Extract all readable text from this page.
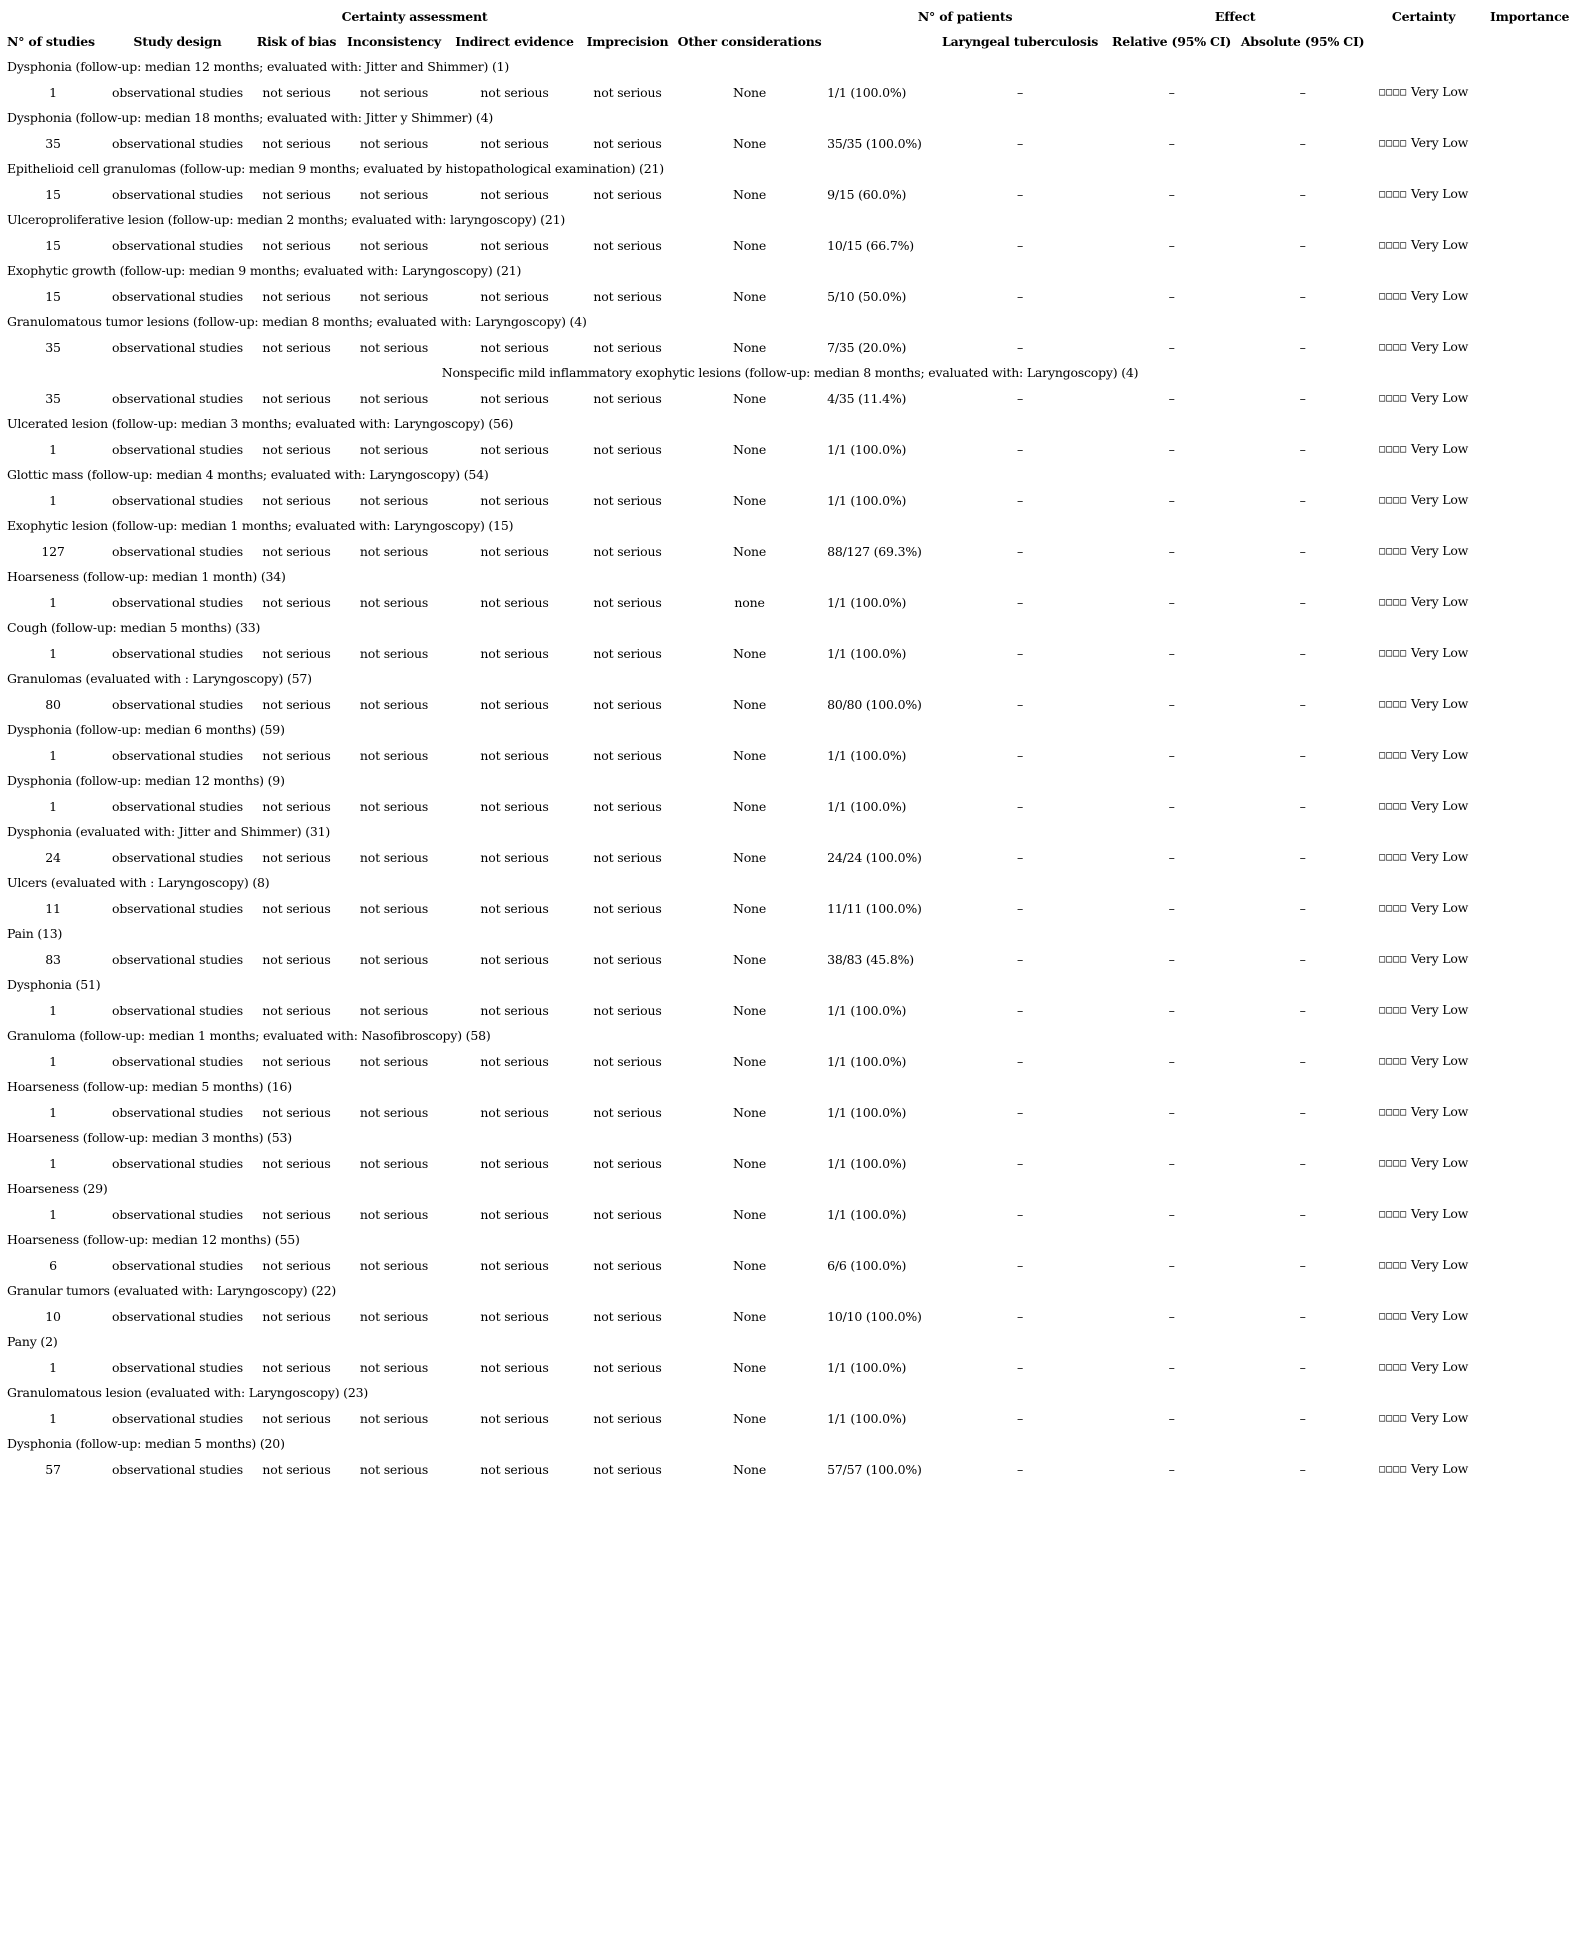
Certainty assessment							N° of patients		Effect		Certainty	Importance
N° of studies	Study design	Risk of bias	Inconsistency	Indirect evidence	Imprecision	Other considerations		Laryngeal tuberculosis	Relative (95% CI)	Absolute (95% CI)		
Dysphonia (follow-up: median 12 months; evaluated with: Jitter and Shimmer) (1)												
1	observational studies	not serious	not serious	not serious	not serious	None	1/1 (100.0%)	–	–	–	□□□□ Very Low	
Dysphonia (follow-up: median 18 months; evaluated with: Jitter y Shimmer) (4)												
35	observational studies	not serious	not serious	not serious	not serious	None	35/35 (100.0%)	–	–	–	□□□□ Very Low	
Epithelioid cell granulomas (follow-up: median 9 months; evaluated by histopathological examination) (21)												
15	observational studies	not serious	not serious	not serious	not serious	None	9/15 (60.0%)	–	–	–	□□□□ Very Low	
Ulceroproliferative lesion (follow-up: median 2 months; evaluated with: laryngoscopy) (21)												
15	observational studies	not serious	not serious	not serious	not serious	None	10/15 (66.7%)	–	–	–	□□□□ Very Low	
Exophytic growth (follow-up: median 9 months; evaluated with: Laryngoscopy) (21)												
15	observational studies	not serious	not serious	not serious	not serious	None	5/10 (50.0%)	–	–	–	□□□□ Very Low	
Granulomatous tumor lesions (follow-up: median 8 months; evaluated with: Laryngoscopy) (4)												
35	observational studies	not serious	not serious	not serious	not serious	None	7/35 (20.0%)	–	–	–	□□□□ Very Low	
Nonspecific mild inflammatory exophytic lesions (follow-up: median 8 months; evaluated with: Laryngoscopy) (4)												
35	observational studies	not serious	not serious	not serious	not serious	None	4/35 (11.4%)	–	–	–	□□□□ Very Low	
Ulcerated lesion (follow-up: median 3 months; evaluated with: Laryngoscopy) (56)												
1	observational studies	not serious	not serious	not serious	not serious	None	1/1 (100.0%)	–	–	–	□□□□ Very Low	
Glottic mass (follow-up: median 4 months; evaluated with: Laryngoscopy) (54)												
1	observational studies	not serious	not serious	not serious	not serious	None	1/1 (100.0%)	–	–	–	□□□□ Very Low	
Exophytic lesion (follow-up: median 1 months; evaluated with: Laryngoscopy) (15)												
127	observational studies	not serious	not serious	not serious	not serious	None	88/127 (69.3%)	–	–	–	□□□□ Very Low	
Hoarseness (follow-up: median 1 month) (34)												
1	observational studies	not serious	not serious	not serious	not serious	none	1/1 (100.0%)	–	–	–	□□□□ Very Low	
Cough (follow-up: median 5 months) (33)												
1	observational studies	not serious	not serious	not serious	not serious	None	1/1 (100.0%)	–	–	–	□□□□ Very Low	
Granulomas (evaluated with : Laryngoscopy) (57)												
80	observational studies	not serious	not serious	not serious	not serious	None	80/80 (100.0%)	–	–	–	□□□□ Very Low	
Dysphonia (follow-up: median 6 months) (59)												
1	observational studies	not serious	not serious	not serious	not serious	None	1/1 (100.0%)	–	–	–	□□□□ Very Low	
Dysphonia (follow-up: median 12 months) (9)												
1	observational studies	not serious	not serious	not serious	not serious	None	1/1 (100.0%)	–	–	–	□□□□ Very Low	
Dysphonia (evaluated with: Jitter and Shimmer) (31)												
24	observational studies	not serious	not serious	not serious	not serious	None	24/24 (100.0%)	–	–	–	□□□□ Very Low	
Ulcers (evaluated with : Laryngoscopy) (8)												
11	observational studies	not serious	not serious	not serious	not serious	None	11/11 (100.0%)	–	–	–	□□□□ Very Low	
Pain (13)												
83	observational studies	not serious	not serious	not serious	not serious	None	38/83 (45.8%)	–	–	–	□□□□ Very Low	
Dysphonia (51)												
1	observational studies	not serious	not serious	not serious	not serious	None	1/1 (100.0%)	–	–	–	□□□□ Very Low	
Granuloma (follow-up: median 1 months; evaluated with: Nasofibroscopy) (58)												
1	observational studies	not serious	not serious	not serious	not serious	None	1/1 (100.0%)	–	–	–	□□□□ Very Low	
Hoarseness (follow-up: median 5 months) (16)												
1	observational studies	not serious	not serious	not serious	not serious	None	1/1 (100.0%)	–	–	–	□□□□ Very Low	
Hoarseness (follow-up: median 3 months) (53)												
1	observational studies	not serious	not serious	not serious	not serious	None	1/1 (100.0%)	–	–	–	□□□□ Very Low	
Hoarseness (29)												
1	observational studies	not serious	not serious	not serious	not serious	None	1/1 (100.0%)	–	–	–	□□□□ Very Low	
Hoarseness (follow-up: median 12 months) (55)												
6	observational studies	not serious	not serious	not serious	not serious	None	6/6 (100.0%)	–	–	–	□□□□ Very Low	
Granular tumors (evaluated with: Laryngoscopy) (22)												
10	observational studies	not serious	not serious	not serious	not serious	None	10/10 (100.0%)	–	–	–	□□□□ Very Low	
Pany (2)												
1	observational studies	not serious	not serious	not serious	not serious	None	1/1 (100.0%)	–	–	–	□□□□ Very Low	
Granulomatous lesion (evaluated with: Laryngoscopy) (23)												
1	observational studies	not serious	not serious	not serious	not serious	None	1/1 (100.0%)	–	–	–	□□□□ Very Low	
Dysphonia (follow-up: median 5 months) (20)												
57	observational studies	not serious	not serious	not serious	not serious	None	57/57 (100.0%)	–	–	–	□□□□ Very Low	
